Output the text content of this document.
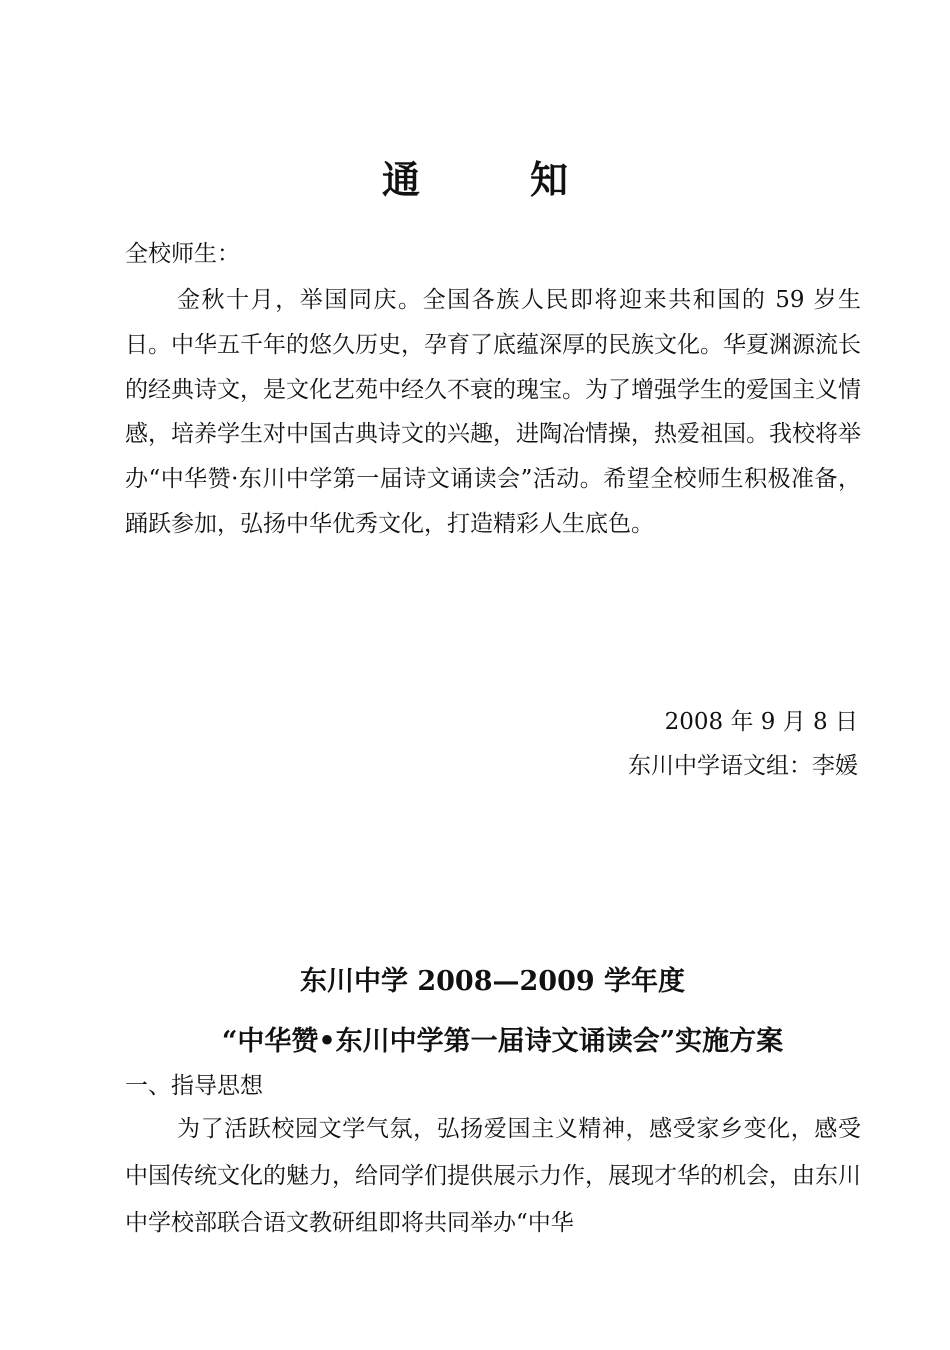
通　知

全校师生：

金秋十月，举国同庆。全国各族人民即将迎来共和国的 59 岁生日。中华五千年的悠久历史，孕育了底蕴深厚的民族文化。华夏渊源流长的经典诗文，是文化艺苑中经久不衰的瑰宝。为了增强学生的爱国主义情感，培养学生对中国古典诗文的兴趣，进陶冶情操，热爱祖国。我校将举办“中华赞·东川中学第一届诗文诵读会”活动。希望全校师生积极准备，踊跃参加，弘扬中华优秀文化，打造精彩人生底色。

2008 年 9 月 8 日

东川中学语文组：李媛

东川中学 2008—2009 学年度
“中华赞•东川中学第一届诗文诵读会”实施方案

一、指导思想

为了活跃校园文学气氛，弘扬爱国主义精神，感受家乡变化，感受中国传统文化的魅力，给同学们提供展示力作，展现才华的机会，由东川中学校部联合语文教研组即将共同举办“中华
